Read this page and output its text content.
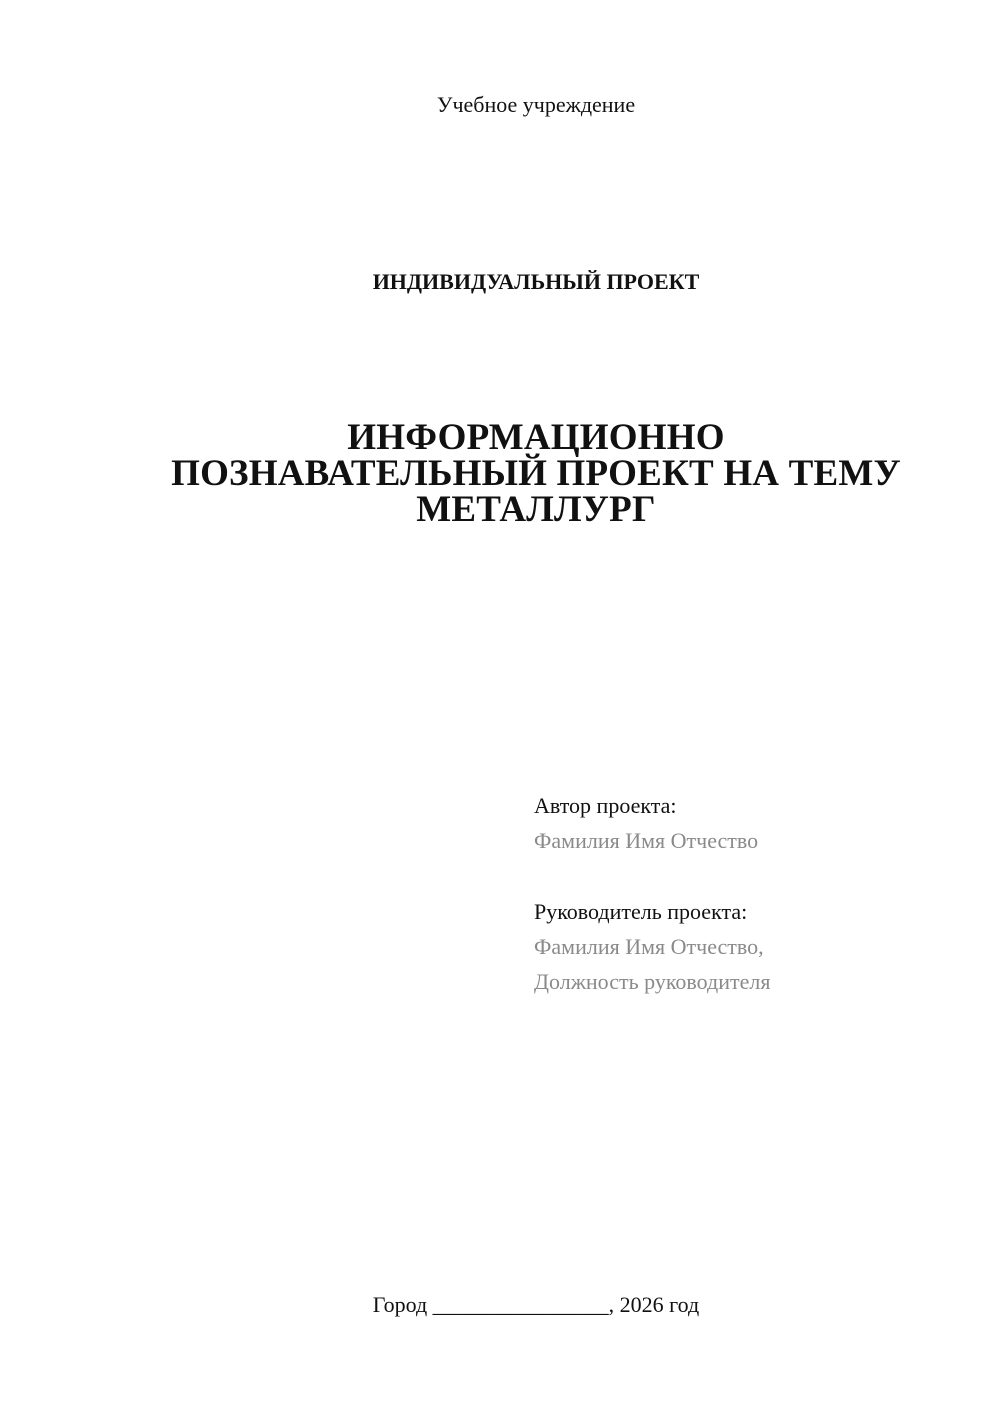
Учебное учреждение
ИНДИВИДУАЛЬНЫЙ ПРОЕКТ
ИНФОРМАЦИОННО
ПОЗНАВАТЕЛЬНЫЙ ПРОЕКТ НА ТЕМУ
МЕТАЛЛУРГ
Автор проекта:
Фамилия Имя Отчество
Руководитель проекта:
Фамилия Имя Отчество,
Должность руководителя
Город ________________, 2026 год
